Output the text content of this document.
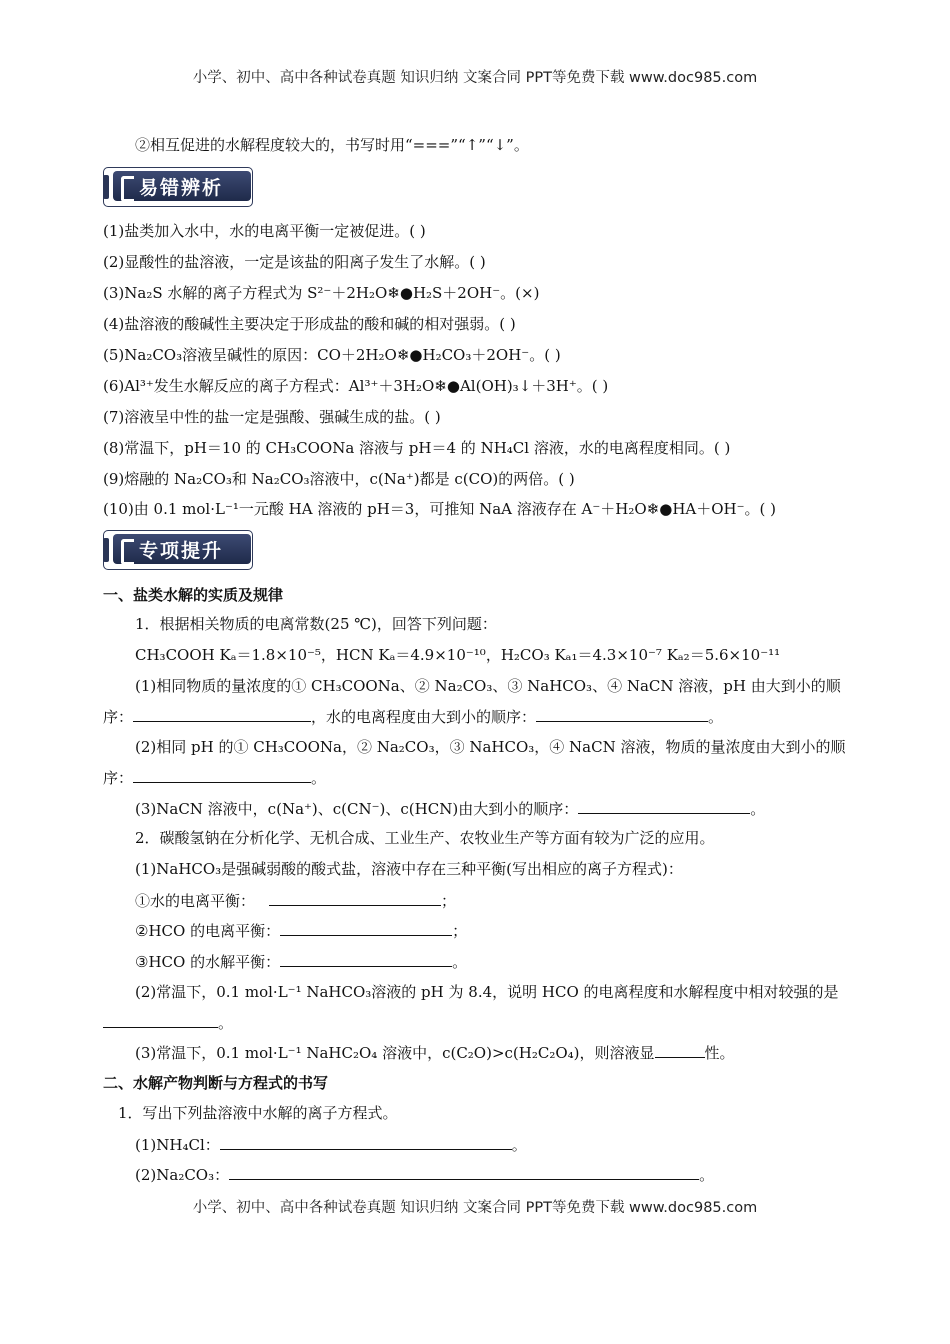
小学、初中、高中各种试卷真题 知识归纳 文案合同 PPT等免费下载 www.doc985.com
②相互促进的水解程度较大的，书写时用“===”“↑”“↓”。
易错辨析
(1)盐类加入水中，水的电离平衡一定被促进。( )
(2)显酸性的盐溶液，一定是该盐的阳离子发生了水解。( )
(3)Na₂S 水解的离子方程式为 S²⁻＋2H₂O❄●H₂S＋2OH⁻。(×)
(4)盐溶液的酸碱性主要决定于形成盐的酸和碱的相对强弱。( )
(5)Na₂CO₃溶液呈碱性的原因：CO＋2H₂O❄●H₂CO₃＋2OH⁻。( )
(6)Al³⁺发生水解反应的离子方程式：Al³⁺＋3H₂O❄●Al(OH)₃↓＋3H⁺。( )
(7)溶液呈中性的盐一定是强酸、强碱生成的盐。( )
(8)常温下，pH＝10 的 CH₃COONa 溶液与 pH＝4 的 NH₄Cl 溶液，水的电离程度相同。( )
(9)熔融的 Na₂CO₃和 Na₂CO₃溶液中，c(Na⁺)都是 c(CO)的两倍。( )
(10)由 0.1 mol·L⁻¹一元酸 HA 溶液的 pH＝3，可推知 NaA 溶液存在 A⁻＋H₂O❄●HA＋OH⁻。( )
专项提升
一、盐类水解的实质及规律
1．根据相关物质的电离常数(25 ℃)，回答下列问题：
CH₃COOH Kₐ＝1.8×10⁻⁵，HCN Kₐ＝4.9×10⁻¹⁰，H₂CO₃ Kₐ₁＝4.3×10⁻⁷ Kₐ₂＝5.6×10⁻¹¹
(1)相同物质的量浓度的① CH₃COONa、② Na₂CO₃、③ NaHCO₃、④ NaCN 溶液，pH 由大到小的顺
序：	，水的电离程度由大到小的顺序：	。
(2)相同 pH 的① CH₃COONa，② Na₂CO₃，③ NaHCO₃，④ NaCN 溶液，物质的量浓度由大到小的顺
序：	。
(3)NaCN 溶液中，c(Na⁺)、c(CN⁻)、c(HCN)由大到小的顺序：	。
2．碳酸氢钠在分析化学、无机合成、工业生产、农牧业生产等方面有较为广泛的应用。
(1)NaHCO₃是强碱弱酸的酸式盐，溶液中存在三种平衡(写出相应的离子方程式)：
①水的电离平衡：	；
②HCO 的电离平衡：	；
③HCO 的水解平衡：	。
(2)常温下，0.1 mol·L⁻¹ NaHCO₃溶液的 pH 为 8.4，说明 HCO 的电离程度和水解程度中相对较强的是
。
(3)常温下，0.1 mol·L⁻¹ NaHC₂O₄ 溶液中，c(C₂O)>c(H₂C₂O₄)，则溶液显	性。
二、水解产物判断与方程式的书写
1．写出下列盐溶液中水解的离子方程式。
(1)NH₄Cl：	。
(2)Na₂CO₃：	。
小学、初中、高中各种试卷真题 知识归纳 文案合同 PPT等免费下载 www.doc985.com
